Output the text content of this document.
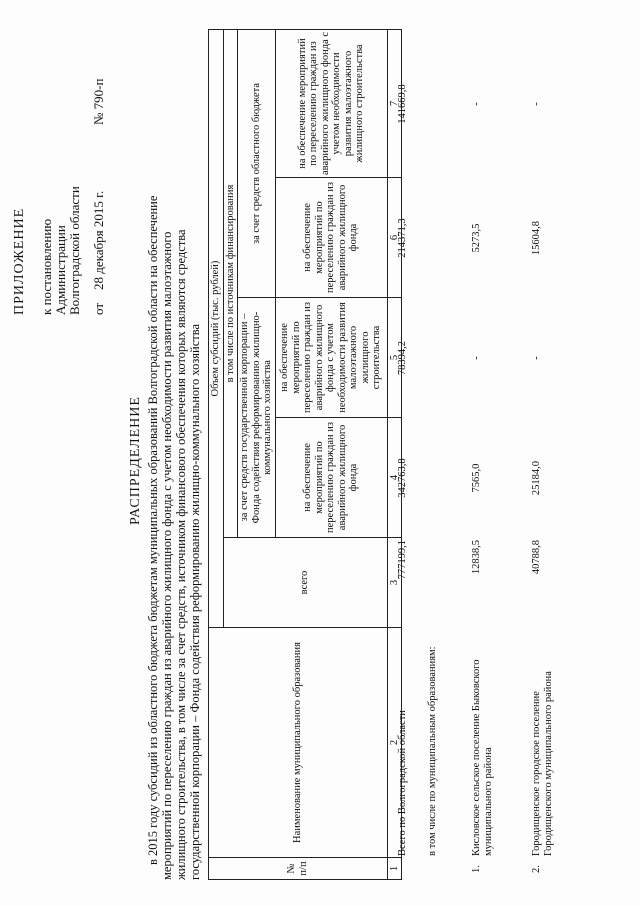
ПРИЛОЖЕНИЕ к постановлению Администрации Волгоградской области от
28 декабря 2015 г.
№ 790-п
РАСПРЕДЕЛЕНИЕ в 2015 году субсидий из областного бюджета бюджетам муниципальных образований Волгоградской области на обеспечение мероприятий по переселению граждан из аварийного жилищного фонда с учетом необходимости развития малоэтажного жилищного строительства, в том числе за счет средств, источником финансового обеспечения которых являются средства государственной корпорации – Фонда содействия реформированию жилищно-коммунального хозяйства	№ п/п	Наименование муниципального образования	Объем субсидий (тыс. рублей)				
		всего	в том числе по источникам финансирования			
			за счет средств государственной корпорации – Фонда содействия реформированию жилищно-коммунального хозяйства		за счет средств областного бюджета	
			на обеспечение мероприятий по переселению граждан из аварийного жилищного фонда	на обеспечение мероприятий по переселению граждан из аварийного жилищного фонда с учетом необходимости развития малоэтажного жилищного строительства	на обеспечение мероприятий по переселению граждан из аварийного жилищного фонда	на обеспечение мероприятий по переселению граждан из аварийного жилищного фонда с учетом необходимости развития малоэтажного жилищного строительства
1	2	3	4	5	6	7
	Всего по Волгоградской области	777199,1	342763,8	78394,2	214371,3	141669,8
	в том числе по муниципальным образованиям:					
1.	Кисловское сельское поселение Быковского муниципального района	12838,5	7565,0	-	5273,5	-
2.	Городищенское городское поселение Городищенского муниципального района	40788,8	25184,0	-	15604,8	-
